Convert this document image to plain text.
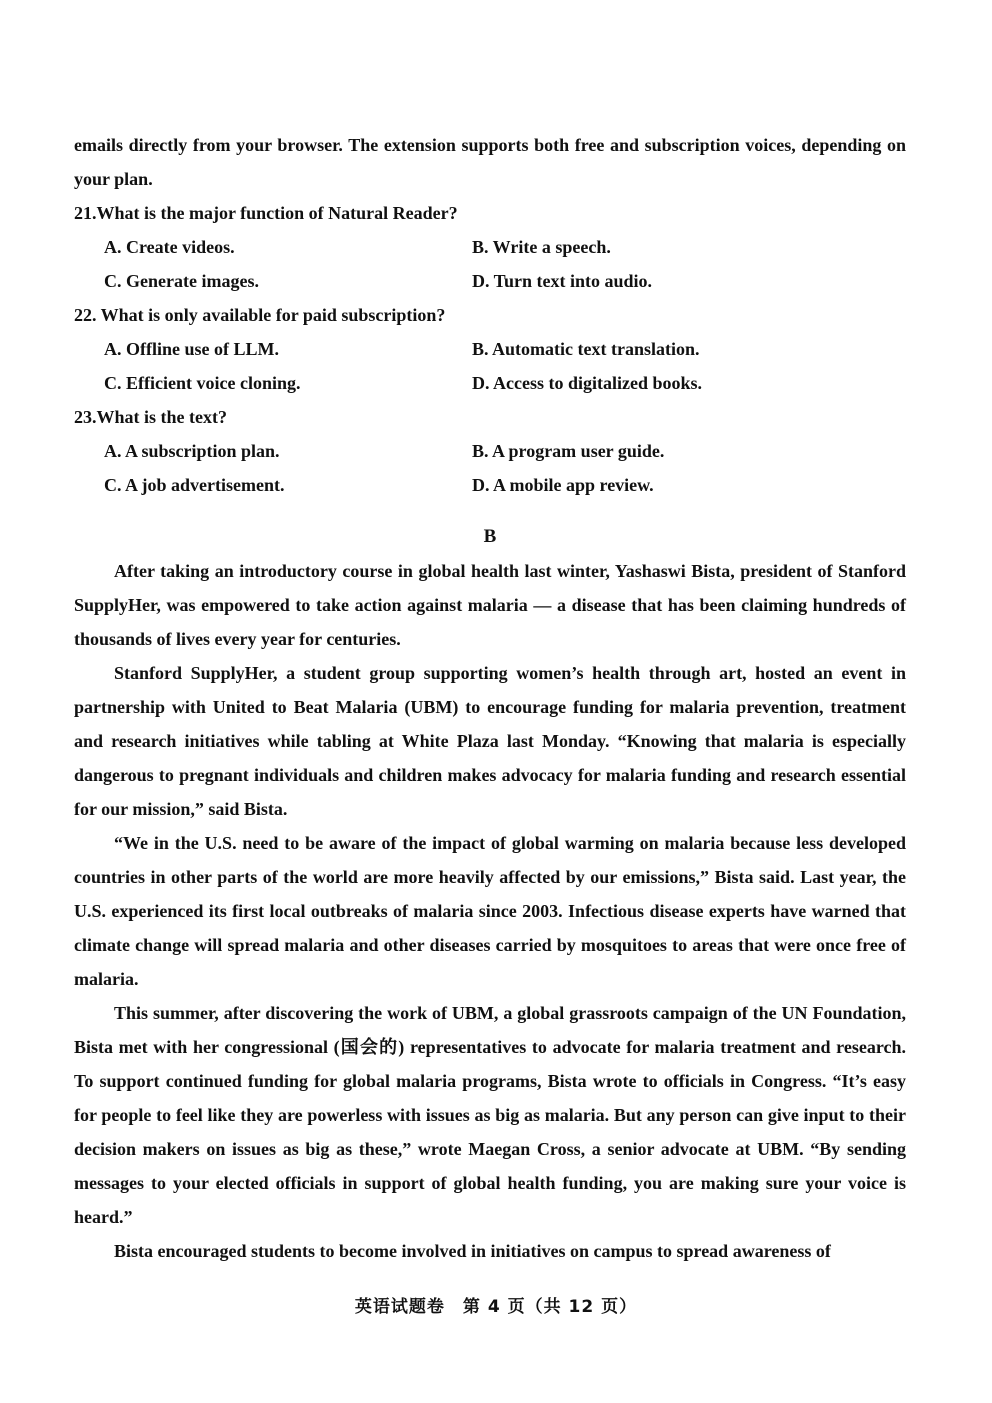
emails directly from your browser. The extension supports both free and subscription voices, depending on your plan.

21.What is the major function of Natural Reader?

A. Create videos.	B. Write a speech.
C. Generate images.	D. Turn text into audio.

22. What is only available for paid subscription?

A. Offline use of LLM.	B. Automatic text translation.
C. Efficient voice cloning.	D. Access to digitalized books.

23.What is the text?

A. A subscription plan.	B. A program user guide.
C. A job advertisement.	D. A mobile app review.
B

After taking an introductory course in global health last winter, Yashaswi Bista, president of Stanford SupplyHer, was empowered to take action against malaria — a disease that has been claiming hundreds of thousands of lives every year for centuries.

Stanford SupplyHer, a student group supporting women’s health through art, hosted an event in partnership with United to Beat Malaria (UBM) to encourage funding for malaria prevention, treatment and research initiatives while tabling at White Plaza last Monday. “Knowing that malaria is especially dangerous to pregnant individuals and children makes advocacy for malaria funding and research essential for our mission,” said Bista.

“We in the U.S. need to be aware of the impact of global warming on malaria because less developed countries in other parts of the world are more heavily affected by our emissions,” Bista said. Last year, the U.S. experienced its first local outbreaks of malaria since 2003. Infectious disease experts have warned that climate change will spread malaria and other diseases carried by mosquitoes to areas that were once free of malaria.

This summer, after discovering the work of UBM, a global grassroots campaign of the UN Foundation, Bista met with her congressional (国会的) representatives to advocate for malaria treatment and research. To support continued funding for global malaria programs, Bista wrote to officials in Congress. “It’s easy for people to feel like they are powerless with issues as big as malaria. But any person can give input to their decision makers on issues as big as these,” wrote Maegan Cross, a senior advocate at UBM. “By sending messages to your elected officials in support of global health funding, you are making sure your voice is heard.”

Bista encouraged students to become involved in initiatives on campus to spread awareness of

英语试题卷　第 4 页（共 12 页）
